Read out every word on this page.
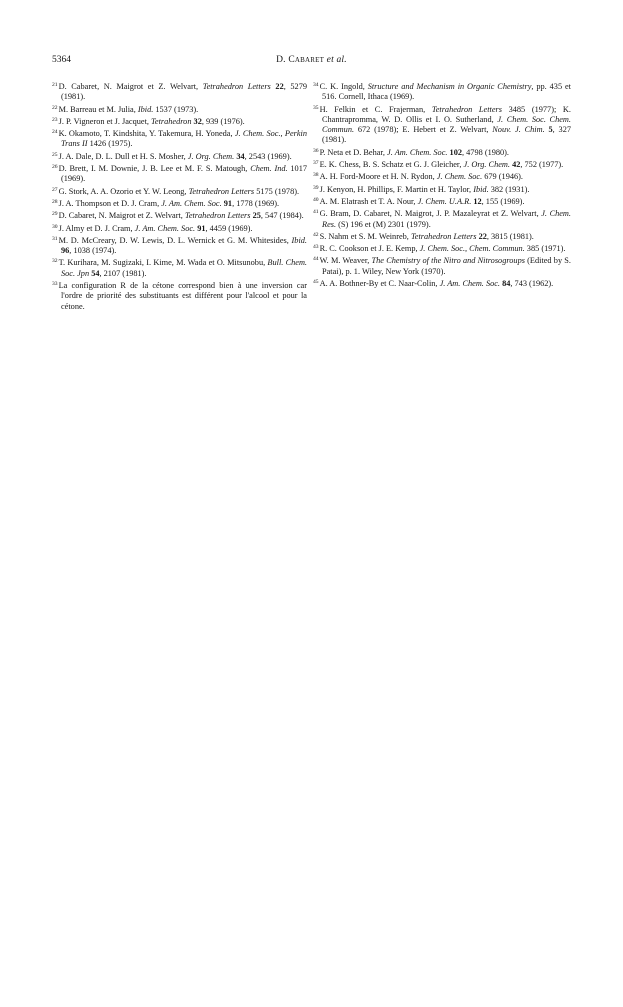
5364	D. Cabaret et al.

$^{21}$D. Cabaret, N. Maigrot et Z. Welvart, Tetrahedron Letters 22, 5279 (1981).

$^{22}$M. Barreau et M. Julia, Ibid. 1537 (1973).

$^{23}$J. P. Vigneron et J. Jacquet, Tetrahedron 32, 939 (1976).

$^{24}$K. Okamoto, T. Kindshita, Y. Takemura, H. Yoneda, J. Chem. Soc., Perkin Trans II 1426 (1975).

$^{25}$J. A. Dale, D. L. Dull et H. S. Mosher, J. Org. Chem. 34, 2543 (1969).

$^{26}$D. Brett, I. M. Downie, J. B. Lee et M. F. S. Matough, Chem. Ind. 1017 (1969).

$^{27}$G. Stork, A. A. Ozorio et Y. W. Leong, Tetrahedron Letters 5175 (1978).

$^{28}$J. A. Thompson et D. J. Cram, J. Am. Chem. Soc. 91, 1778 (1969).

$^{29}$D. Cabaret, N. Maigrot et Z. Welvart, Tetrahedron Letters 25, 547 (1984).

$^{30}$J. Almy et D. J. Cram, J. Am. Chem. Soc. 91, 4459 (1969).

$^{31}$M. D. McCreary, D. W. Lewis, D. L. Wernick et G. M. Whitesides, Ibid. 96, 1038 (1974).

$^{32}$T. Kurihara, M. Sugizaki, I. Kime, M. Wada et O. Mitsunobu, Bull. Chem. Soc. Jpn 54, 2107 (1981).

$^{33}$La configuration R de la cétone correspond bien à une inversion car l'ordre de priorité des substituants est différent pour l'alcool et pour la cétone.

$^{34}$C. K. Ingold, Structure and Mechanism in Organic Chemistry, pp. 435 et 516. Cornell, Ithaca (1969).

$^{35}$H. Felkin et C. Frajerman, Tetrahedron Letters 3485 (1977); K. Chantrapromma, W. D. Ollis et I. O. Sutherland, J. Chem. Soc. Chem. Commun. 672 (1978); E. Hebert et Z. Welvart, Nouv. J. Chim. 5, 327 (1981).

$^{36}$P. Neta et D. Behar, J. Am. Chem. Soc. 102, 4798 (1980).

$^{37}$E. K. Chess, B. S. Schatz et G. J. Gleicher, J. Org. Chem. 42, 752 (1977).

$^{38}$A. H. Ford-Moore et H. N. Rydon, J. Chem. Soc. 679 (1946).

$^{39}$J. Kenyon, H. Phillips, F. Martin et H. Taylor, Ibid. 382 (1931).

$^{40}$A. M. Elatrash et T. A. Nour, J. Chem. U.A.R. 12, 155 (1969).

$^{41}$G. Bram, D. Cabaret, N. Maigrot, J. P. Mazaleyrat et Z. Welvart, J. Chem. Res. (S) 196 et (M) 2301 (1979).

$^{42}$S. Nahm et S. M. Weinreb, Tetrahedron Letters 22, 3815 (1981).

$^{43}$R. C. Cookson et J. E. Kemp, J. Chem. Soc., Chem. Commun. 385 (1971).

$^{44}$W. M. Weaver, The Chemistry of the Nitro and Nitrosogroups (Edited by S. Patai), p. 1. Wiley, New York (1970).

$^{45}$A. A. Bothner-By et C. Naar-Colin, J. Am. Chem. Soc. 84, 743 (1962).
